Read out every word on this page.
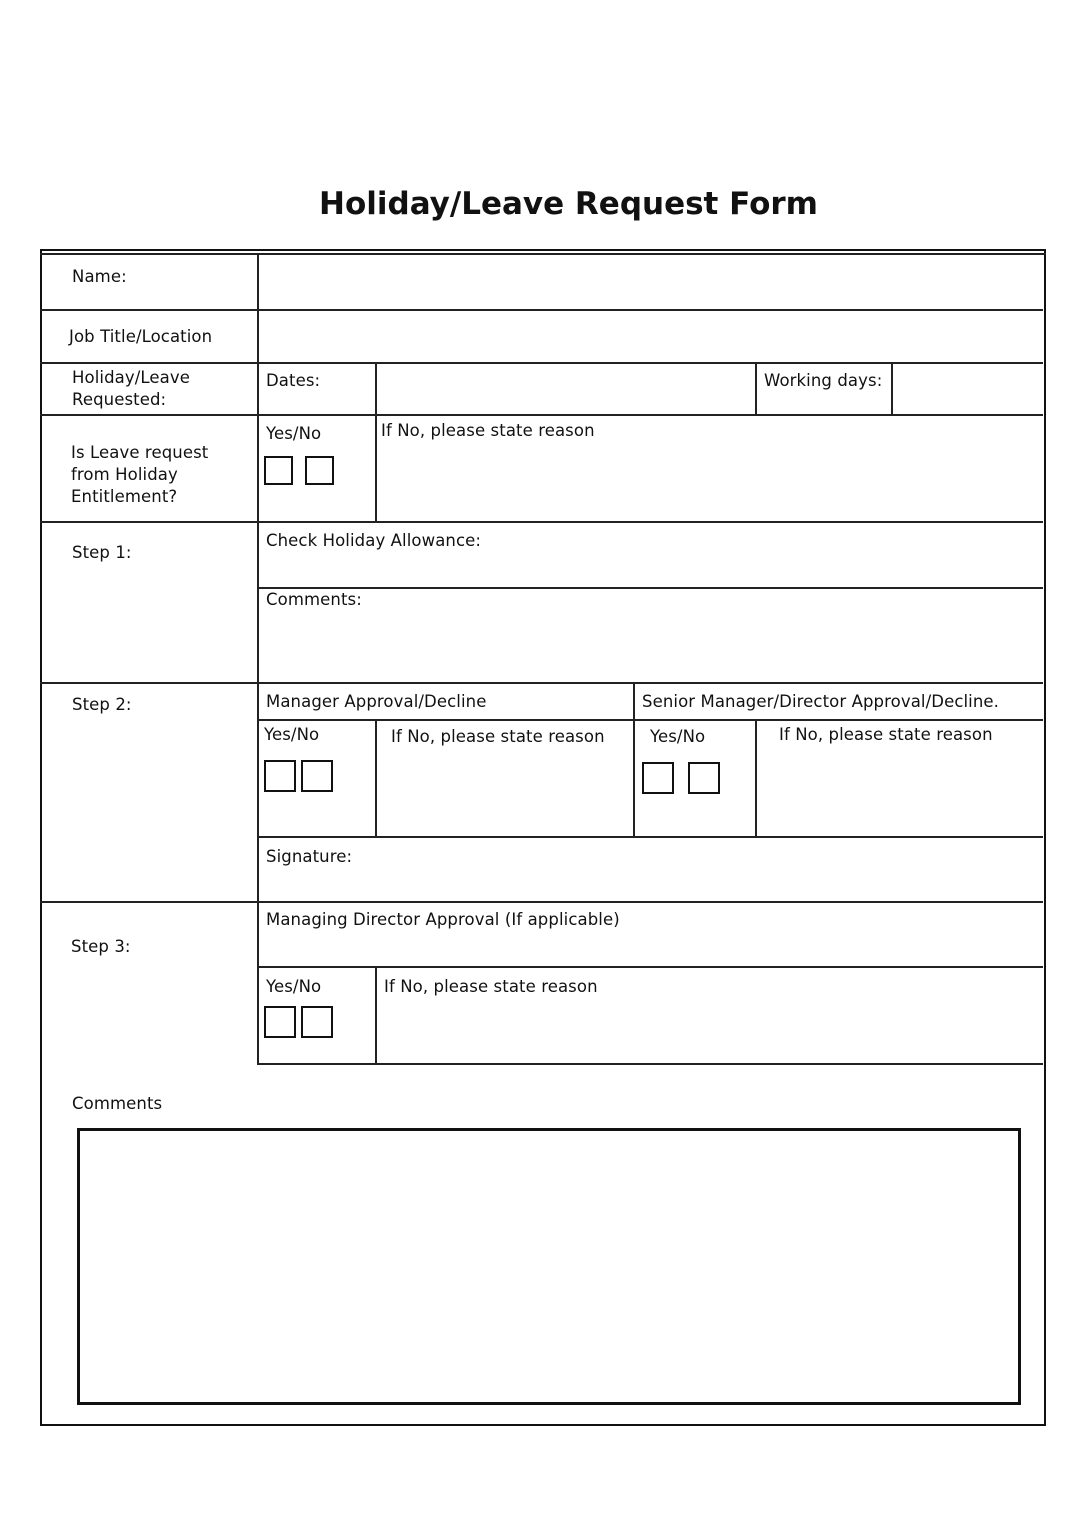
Holiday/Leave Request Form
Name:
Job Title/Location
Holiday/Leave
Requested:
Dates:	Working days:
Is Leave request
from Holiday
Entitlement?
Yes/No	If No, please state reason
Step 1:
Check Holiday Allowance:
Comments:
Step 2:	Manager Approval/Decline	Senior Manager/Director Approval/Decline.
Yes/No	If No, please state reason	Yes/No	If No, please state reason
Signature:
Step 3:
Managing Director Approval (If applicable)
Yes/No	If No, please state reason
Comments
